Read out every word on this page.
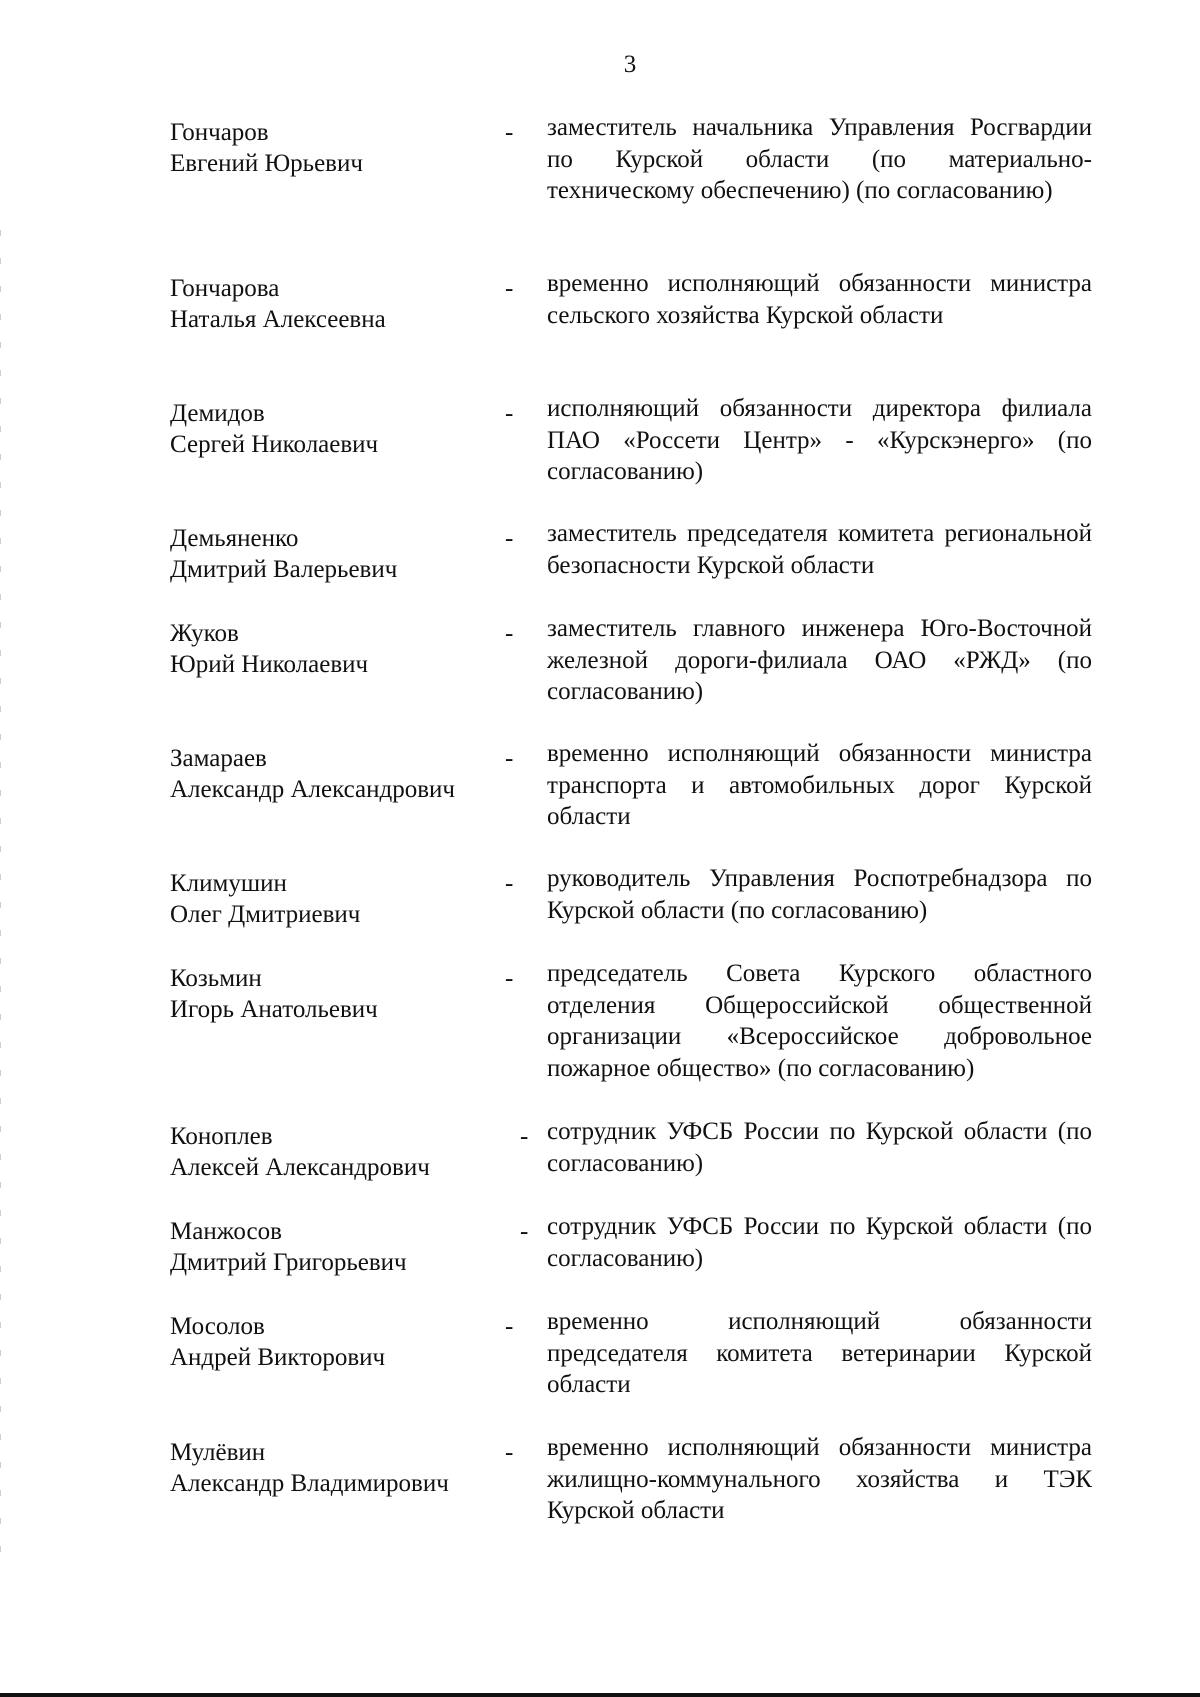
3
Гончаров
Евгений Юрьевич
- заместитель начальника Управления Росгвардии по Курской области (по материально-техническому обеспечению) (по согласованию)
Гончарова
Наталья Алексеевна
- временно исполняющий обязанности министра сельского хозяйства Курской области
Демидов
Сергей Николаевич
- исполняющий обязанности директора филиала ПАО «Россети Центр» - «Курскэнерго» (по согласованию)
Демьяненко
Дмитрий Валерьевич
- заместитель председателя комитета региональной безопасности Курской области
Жуков
Юрий Николаевич
- заместитель главного инженера Юго-Восточной железной дороги-филиала ОАО «РЖД» (по согласованию)
Замараев
Александр Александрович
- временно исполняющий обязанности министра транспорта и автомобильных дорог Курской области
Климушин
Олег Дмитриевич
- руководитель Управления Роспотребнадзора по Курской области (по согласованию)
Козьмин
Игорь Анатольевич
- председатель Совета Курского областного отделения Общероссийской общественной организации «Всероссийское добровольное пожарное общество» (по согласованию)
Коноплев
Алексей Александрович
- сотрудник УФСБ России по Курской области (по согласованию)
Манжосов
Дмитрий Григорьевич
- сотрудник УФСБ России по Курской области (по согласованию)
Мосолов
Андрей Викторович
- временно исполняющий обязанности председателя комитета ветеринарии Курской области
Мулёвин
Александр Владимирович
- временно исполняющий обязанности министра жилищно-коммунального хозяйства и ТЭК Курской области
